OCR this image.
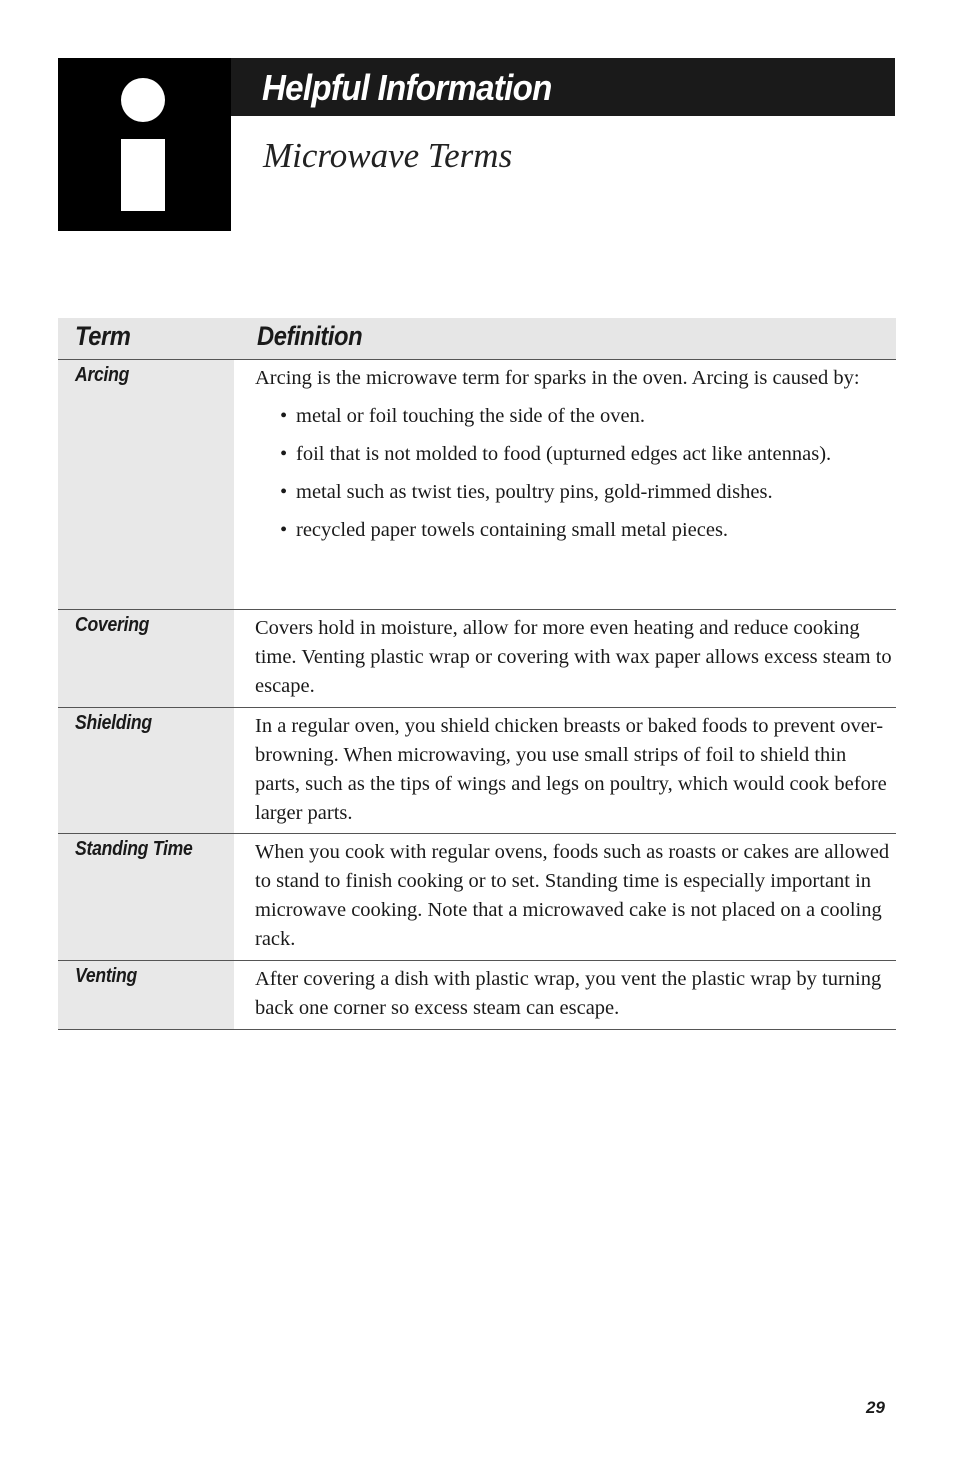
Helpful Information
Microwave Terms
Term	Definition
Arcing	Arcing is the microwave term for sparks in the oven. Arcing is caused by:

• metal or foil touching the side of the oven.
• foil that is not molded to food (upturned edges act like antennas).
• metal such as twist ties, poultry pins, gold-rimmed dishes.
• recycled paper towels containing small metal pieces.
Covering	Covers hold in moisture, allow for more even heating and reduce cooking time. Venting plastic wrap or covering with wax paper allows excess steam to escape.

Shielding	In a regular oven, you shield chicken breasts or baked foods to prevent over-browning. When microwaving, you use small strips of foil to shield thin parts, such as the tips of wings and legs on poultry, which would cook before larger parts.

Standing Time	When you cook with regular ovens, foods such as roasts or cakes are allowed to stand to finish cooking or to set. Standing time is especially important in microwave cooking. Note that a microwaved cake is not placed on a cooling rack.

Venting	After covering a dish with plastic wrap, you vent the plastic wrap by turning back one corner so excess steam can escape.

29
